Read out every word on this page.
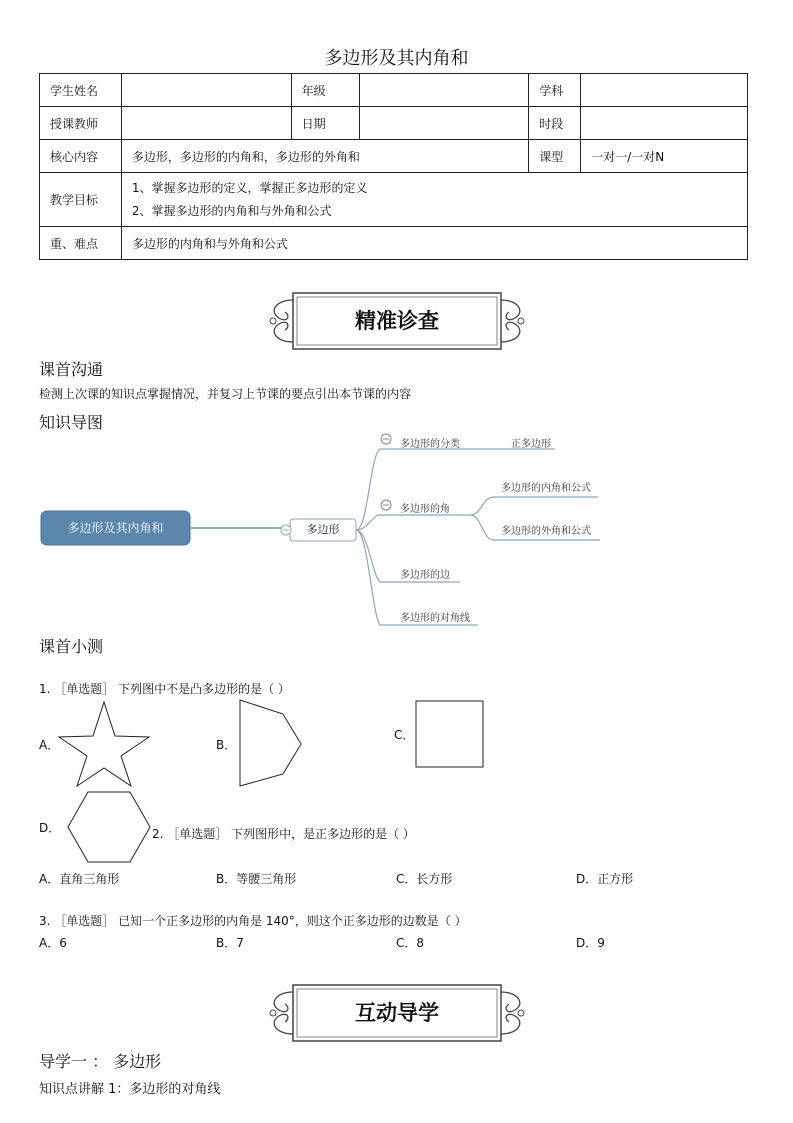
多边形及其内角和
学生姓名		年级		学科	
授课教师		日期		时段	
核心内容	多边形，多边形的内角和，多边形的外角和			课型	一对一/一对N
教学目标	1、掌握多边形的定义，掌握正多边形的定义
2、掌握多边形的内角和与外角和公式				

重、难点	多边形的内角和与外角和公式				
精准诊查
课首沟通
检测上次课的知识点掌握情况，并复习上节课的要点引出本节课的内容
知识导图
多边形及其内角和	多边形
多边形的分类	正多边形
多边形的角
多边形的内角和公式
多边形的外角和公式
多边形的边
多边形的对角线
课首小测
1. ［单选题］ 下列图中不是凸多边形的是（ ）
A．	B．
C．
D．	2. ［单选题］ 下列图形中，是正多边形的是（ ）
A．直角三角形	B．等腰三角形	C．长方形	D．正方形
3. ［单选题］ 已知一个正多边形的内角是 140°，则这个正多边形的边数是（ ）
A．6	B．7	C．8	D．9
互动导学
导学一 ： 多边形
知识点讲解 1：多边形的对角线
